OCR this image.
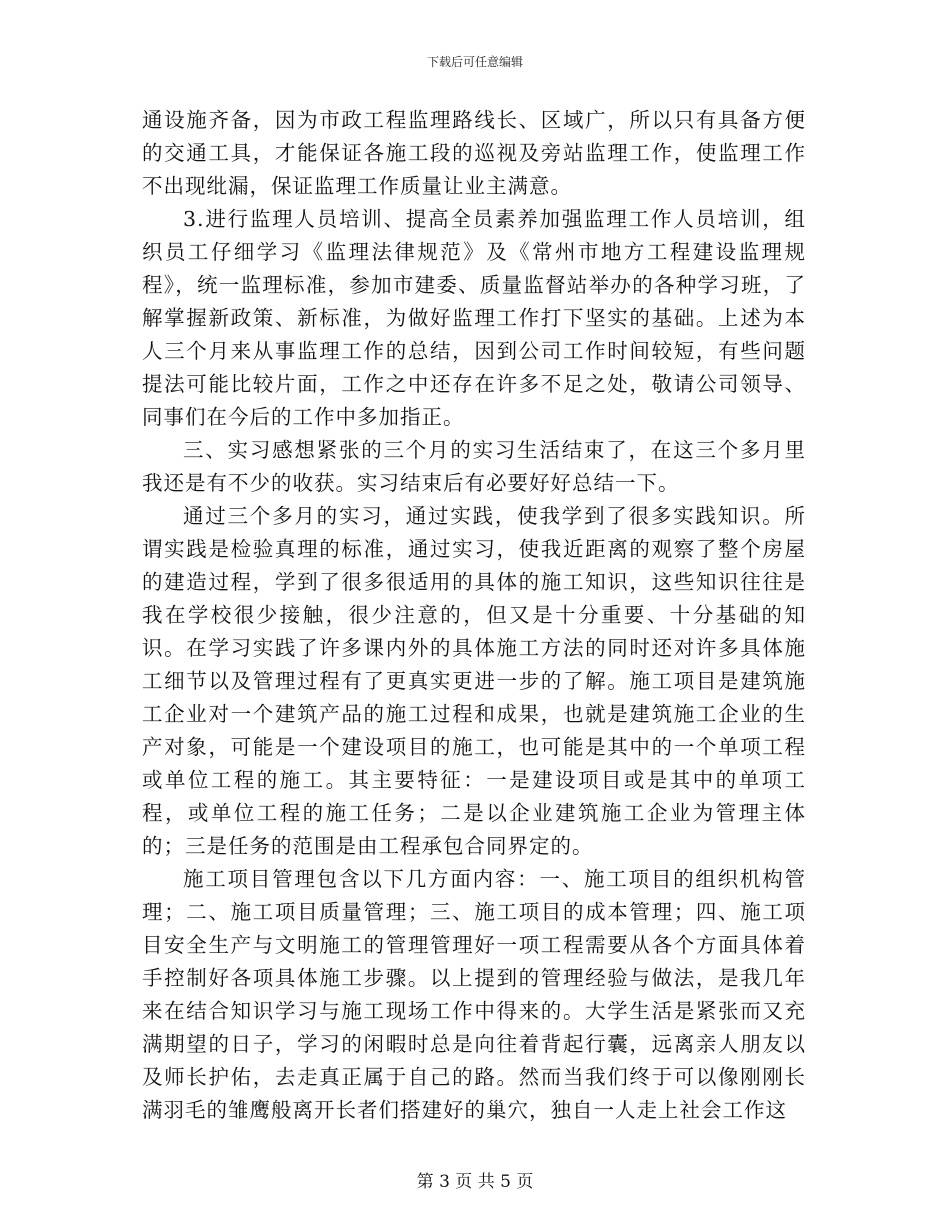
下载后可任意编辑

通设施齐备，因为市政工程监理路线长、区域广，所以只有具备方便的交通工具，才能保证各施工段的巡视及旁站监理工作，使监理工作不出现纰漏，保证监理工作质量让业主满意。

3.进行监理人员培训、提高全员素养加强监理工作人员培训，组织员工仔细学习《监理法律规范》及《常州市地方工程建设监理规程》，统一监理标准，参加市建委、质量监督站举办的各种学习班，了解掌握新政策、新标准，为做好监理工作打下坚实的基础。上述为本人三个月来从事监理工作的总结，因到公司工作时间较短，有些问题提法可能比较片面，工作之中还存在许多不足之处，敬请公司领导、同事们在今后的工作中多加指正。

三、实习感想紧张的三个月的实习生活结束了，在这三个多月里我还是有不少的收获。实习结束后有必要好好总结一下。

通过三个多月的实习，通过实践，使我学到了很多实践知识。所谓实践是检验真理的标准，通过实习，使我近距离的观察了整个房屋的建造过程，学到了很多很适用的具体的施工知识，这些知识往往是我在学校很少接触，很少注意的，但又是十分重要、十分基础的知识。在学习实践了许多课内外的具体施工方法的同时还对许多具体施工细节以及管理过程有了更真实更进一步的了解。施工项目是建筑施工企业对一个建筑产品的施工过程和成果，也就是建筑施工企业的生产对象，可能是一个建设项目的施工，也可能是其中的一个单项工程或单位工程的施工。其主要特征：一是建设项目或是其中的单项工程，或单位工程的施工任务；二是以企业建筑施工企业为管理主体的；三是任务的范围是由工程承包合同界定的。

施工项目管理包含以下几方面内容：一、施工项目的组织机构管理；二、施工项目质量管理；三、施工项目的成本管理；四、施工项目安全生产与文明施工的管理管理好一项工程需要从各个方面具体着手控制好各项具体施工步骤。以上提到的管理经验与做法，是我几年来在结合知识学习与施工现场工作中得来的。大学生活是紧张而又充满期望的日子，学习的闲暇时总是向往着背起行囊，远离亲人朋友以及师长护佑，去走真正属于自己的路。然而当我们终于可以像刚刚长满羽毛的雏鹰般离开长者们搭建好的巢穴，独自一人走上社会工作这

第 3 页 共 5 页
